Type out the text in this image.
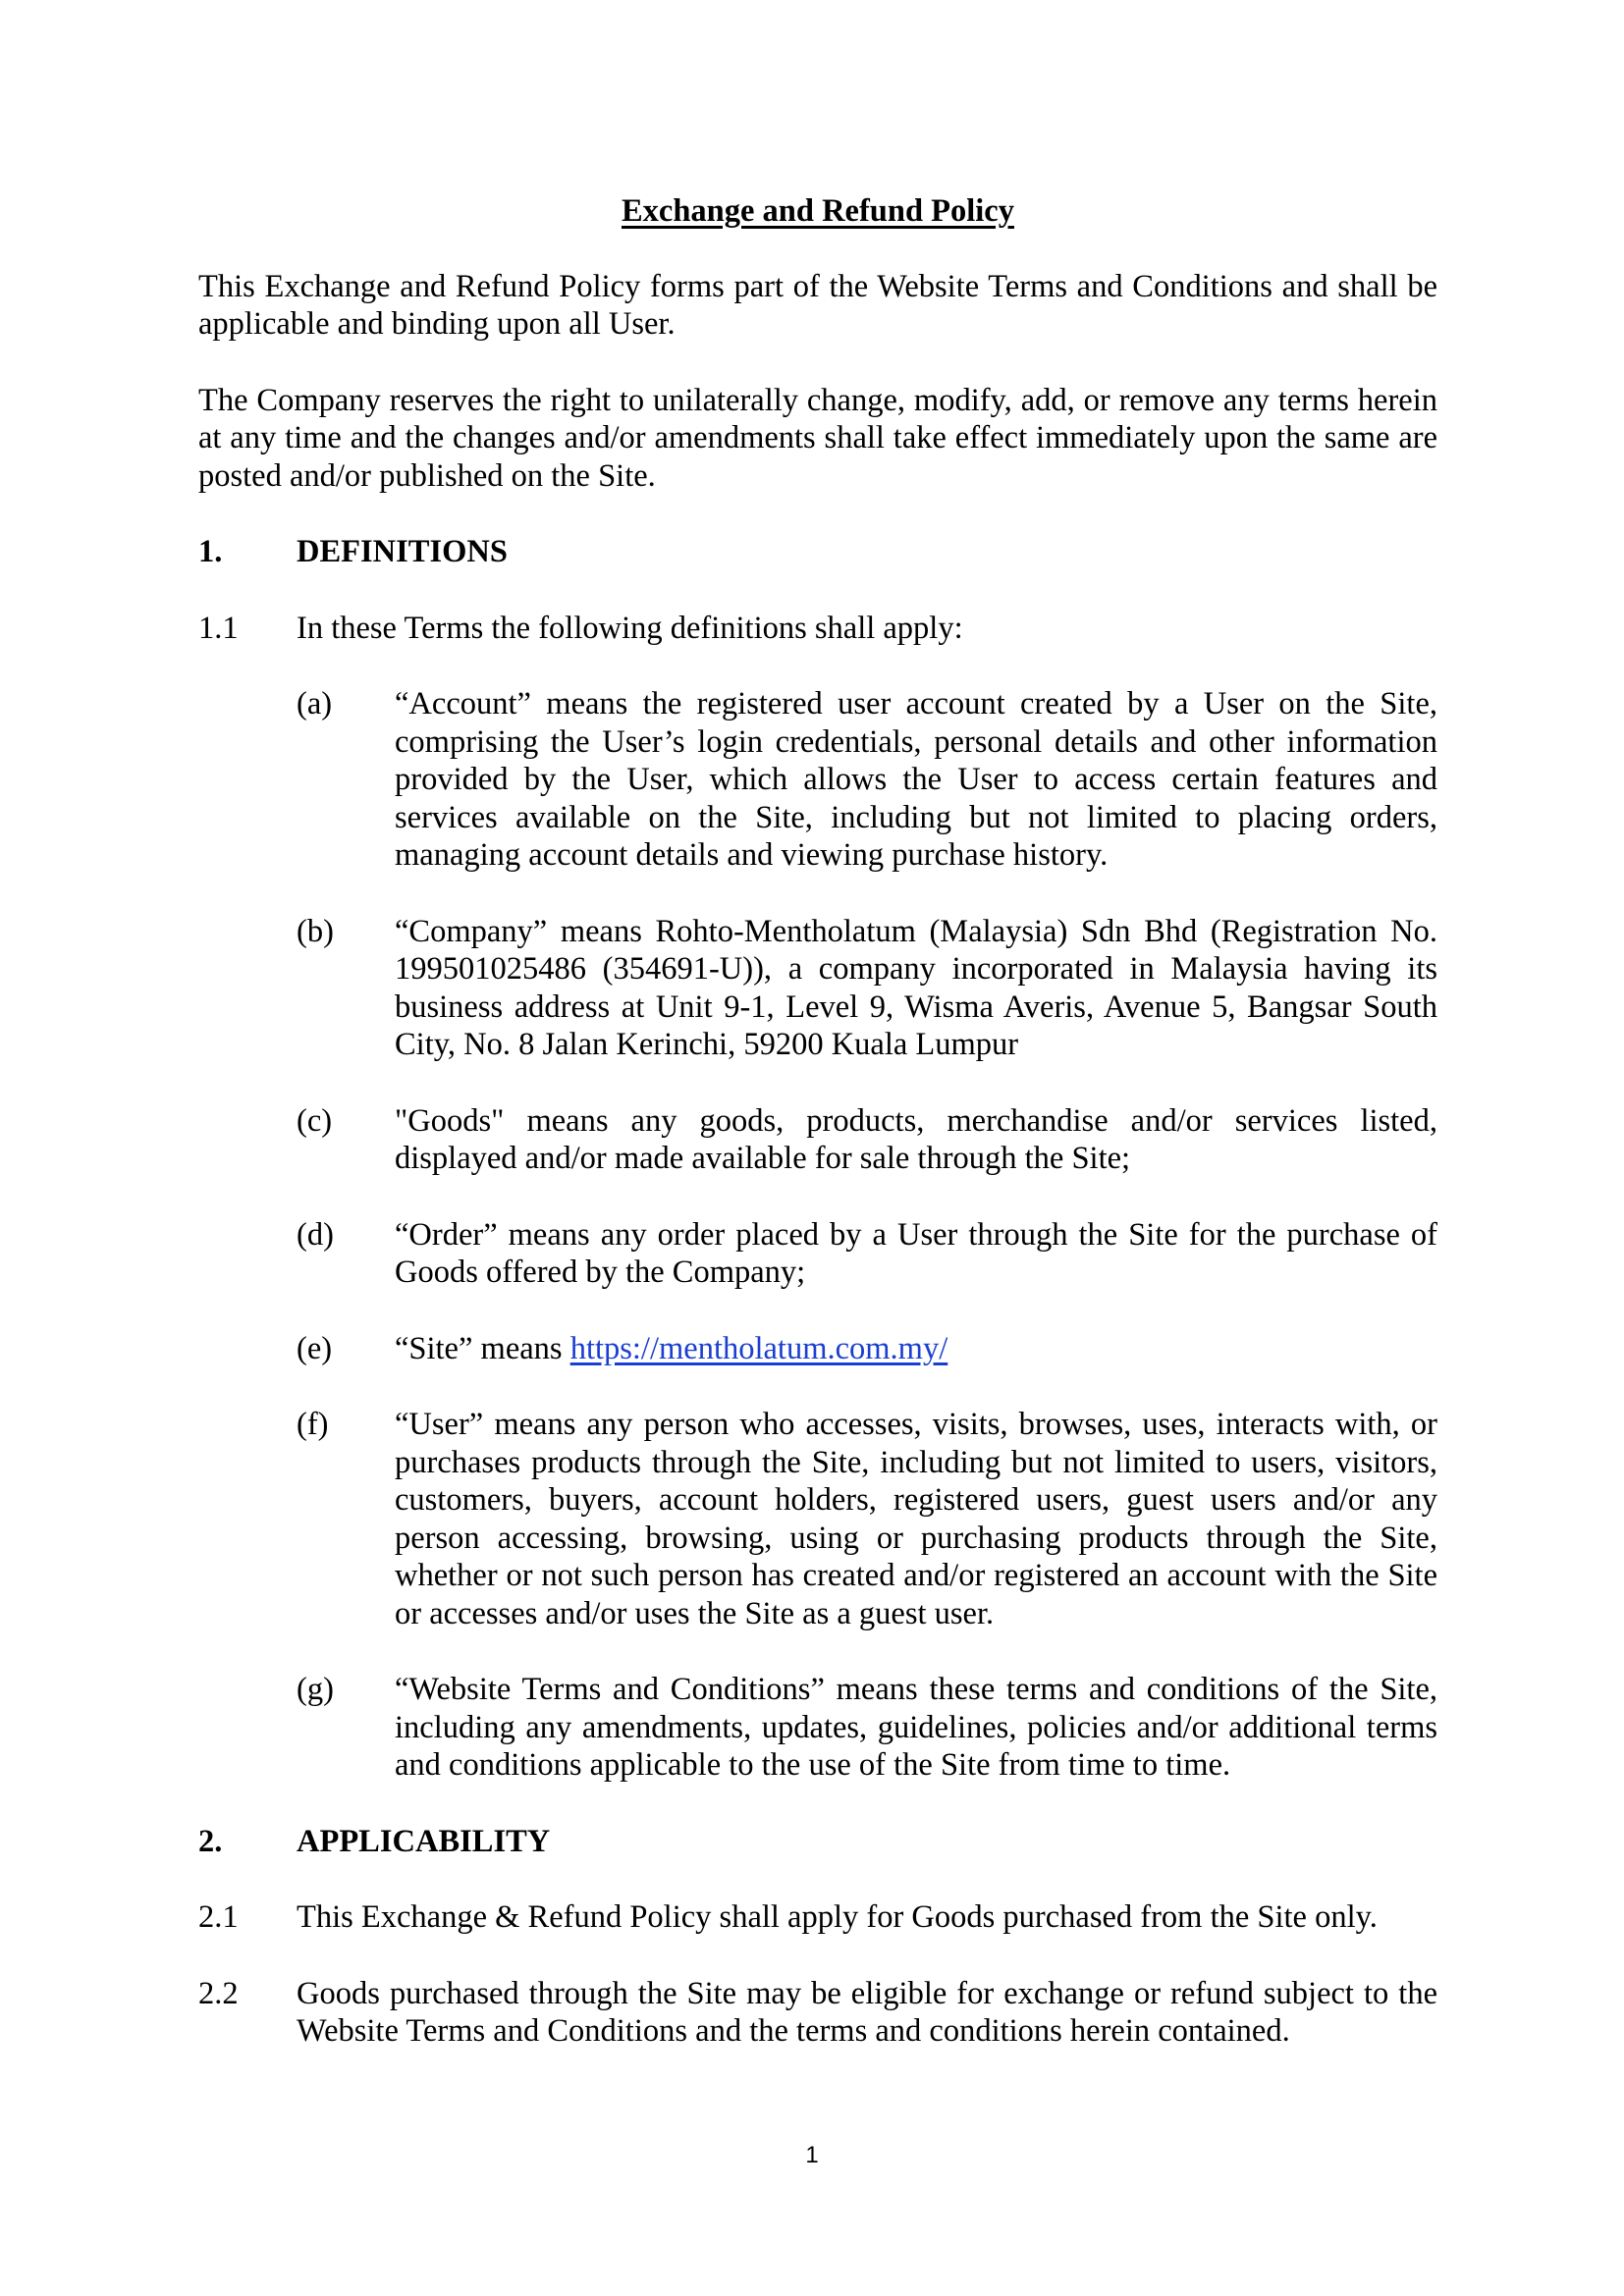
Exchange and Refund Policy
This Exchange and Refund Policy forms part of the Website Terms and Conditions and shall be applicable and binding upon all User.
The Company reserves the right to unilaterally change, modify, add, or remove any terms herein at any time and the changes and/or amendments shall take effect immediately upon the same are posted and/or published on the Site.
1.	DEFINITIONS
1.1	In these Terms the following definitions shall apply:
(a)	“Account” means the registered user account created by a User on the Site, comprising the User’s login credentials, personal details and other information provided by the User, which allows the User to access certain features and services available on the Site, including but not limited to placing orders, managing account details and viewing purchase history.
(b)	“Company” means Rohto-Mentholatum (Malaysia) Sdn Bhd (Registration No. 199501025486 (354691-U)), a company incorporated in Malaysia having its business address at Unit 9-1, Level 9, Wisma Averis, Avenue 5, Bangsar South City, No. 8 Jalan Kerinchi, 59200 Kuala Lumpur
(c)	"Goods" means any goods, products, merchandise and/or services listed, displayed and/or made available for sale through the Site;
(d)	“Order” means any order placed by a User through the Site for the purchase of Goods offered by the Company;
(e)	“Site” means https://mentholatum.com.my/
(f)	“User” means any person who accesses, visits, browses, uses, interacts with, or purchases products through the Site, including but not limited to users, visitors, customers, buyers, account holders, registered users, guest users and/or any person accessing, browsing, using or purchasing products through the Site, whether or not such person has created and/or registered an account with the Site or accesses and/or uses the Site as a guest user.
(g)	“Website Terms and Conditions” means these terms and conditions of the Site, including any amendments, updates, guidelines, policies and/or additional terms and conditions applicable to the use of the Site from time to time.
2.	APPLICABILITY
2.1	This Exchange & Refund Policy shall apply for Goods purchased from the Site only.
2.2	Goods purchased through the Site may be eligible for exchange or refund subject to the Website Terms and Conditions and the terms and conditions herein contained.
1
